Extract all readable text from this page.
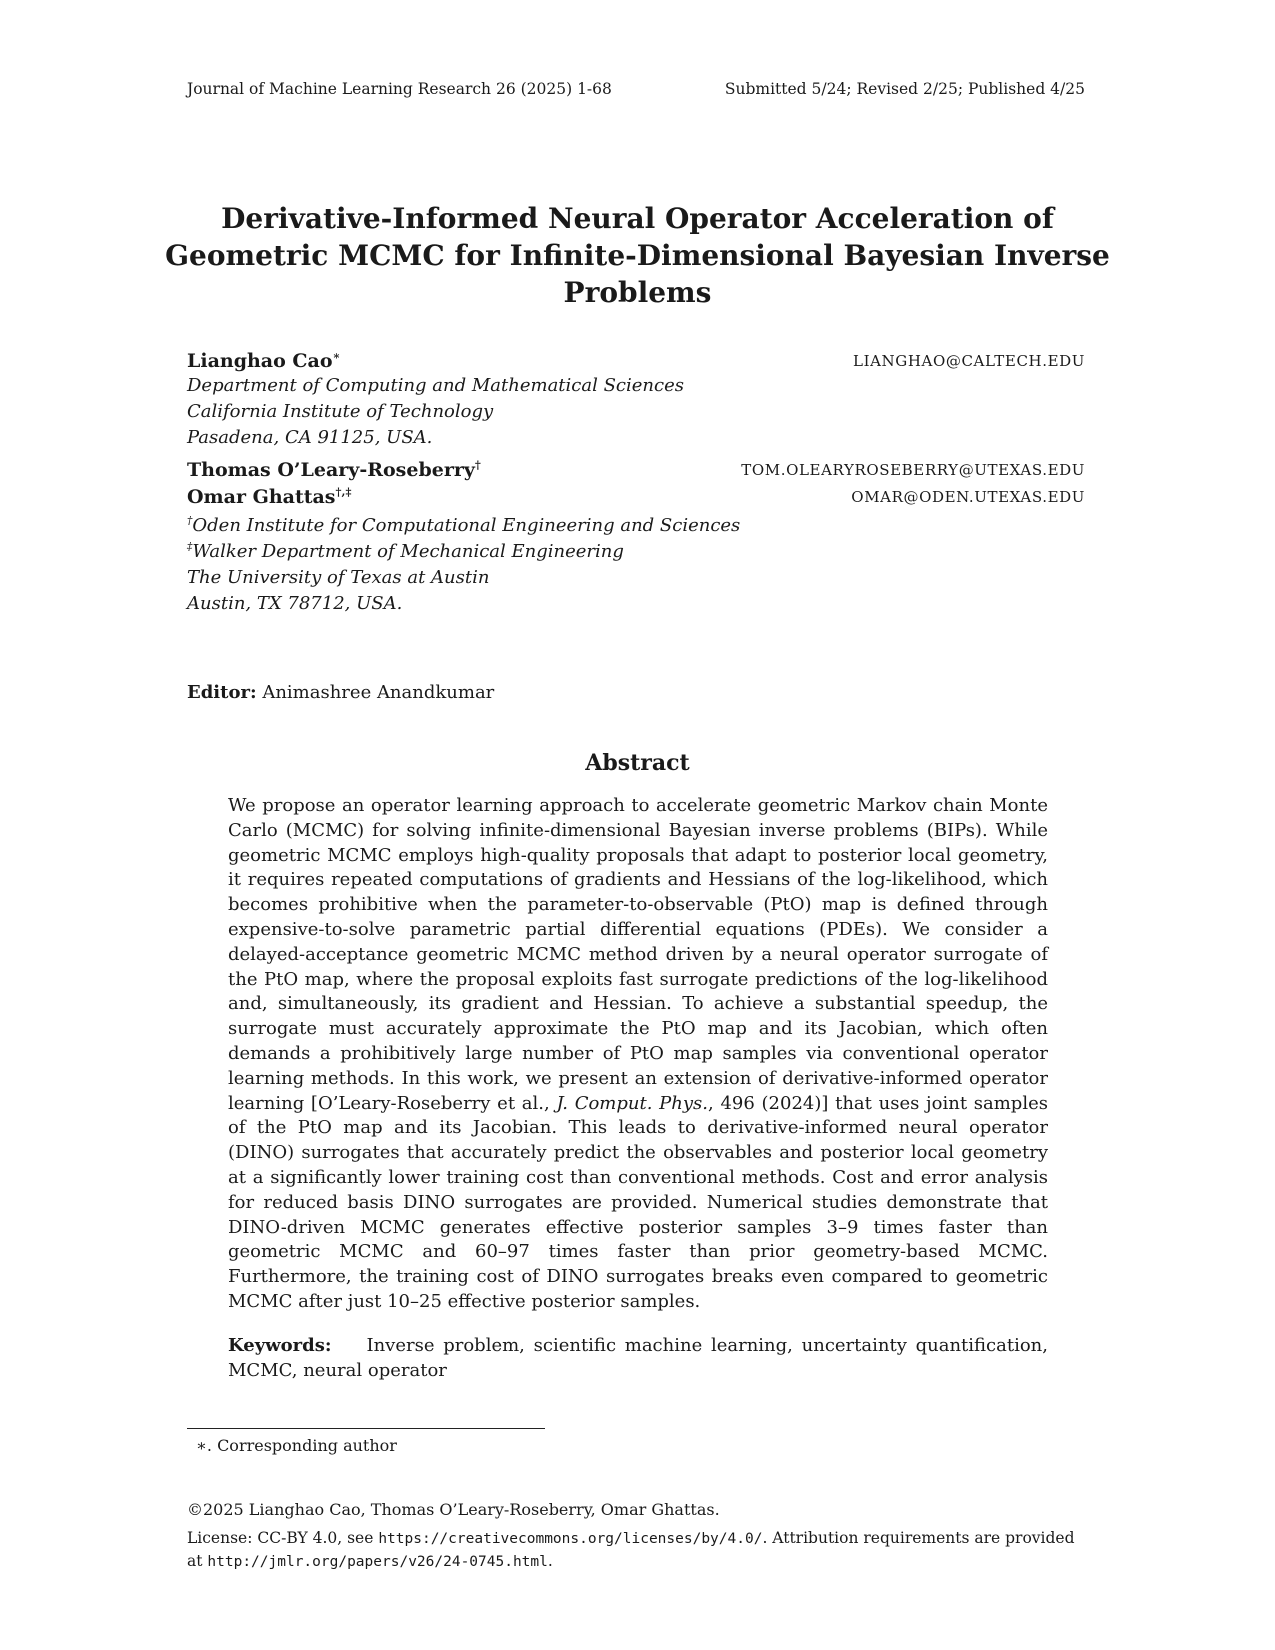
Journal of Machine Learning Research 26 (2025) 1-68	Submitted 5/24; Revised 2/25; Published 4/25
Derivative-Informed Neural Operator Acceleration of
Geometric MCMC for Infinite-Dimensional Bayesian Inverse
Problems
Lianghao Cao∗	LIANGHAO@CALTECH.EDU
Department of Computing and Mathematical Sciences
California Institute of Technology
Pasadena, CA 91125, USA.
Thomas O’Leary-Roseberry†	TOM.OLEARYROSEBERRY@UTEXAS.EDU
Omar Ghattas†,‡	OMAR@ODEN.UTEXAS.EDU
†Oden Institute for Computational Engineering and Sciences
‡Walker Department of Mechanical Engineering
The University of Texas at Austin
Austin, TX 78712, USA.
Editor: Animashree Anandkumar
Abstract
We propose an operator learning approach to accelerate geometric Markov chain Monte Carlo (MCMC) for solving infinite-dimensional Bayesian inverse problems (BIPs). While geometric MCMC employs high-quality proposals that adapt to posterior local geometry, it requires repeated computations of gradients and Hessians of the log-likelihood, which becomes prohibitive when the parameter-to-observable (PtO) map is defined through expensive-to-solve parametric partial differential equations (PDEs). We consider a delayed-acceptance geometric MCMC method driven by a neural operator surrogate of the PtO map, where the proposal exploits fast surrogate predictions of the log-likelihood and, simultaneously, its gradient and Hessian. To achieve a substantial speedup, the surrogate must accurately approximate the PtO map and its Jacobian, which often demands a prohibitively large number of PtO map samples via conventional operator learning methods. In this work, we present an extension of derivative-informed operator learning [O’Leary-Roseberry et al., J. Comput. Phys., 496 (2024)] that uses joint samples of the PtO map and its Jacobian. This leads to derivative-informed neural operator (DINO) surrogates that accurately predict the observables and posterior local geometry at a significantly lower training cost than conventional methods. Cost and error analysis for reduced basis DINO surrogates are provided. Numerical studies demonstrate that DINO-driven MCMC generates effective posterior samples 3–9 times faster than geometric MCMC and 60–97 times faster than prior geometry-based MCMC. Furthermore, the training cost of DINO surrogates breaks even compared to geometric MCMC after just 10–25 effective posterior samples.
Keywords: Inverse problem, scientific machine learning, uncertainty quantification, MCMC, neural operator
∗. Corresponding author
©2025 Lianghao Cao, Thomas O’Leary-Roseberry, Omar Ghattas.
License: CC-BY 4.0, see https://creativecommons.org/licenses/by/4.0/. Attribution requirements are provided at http://jmlr.org/papers/v26/24-0745.html.
